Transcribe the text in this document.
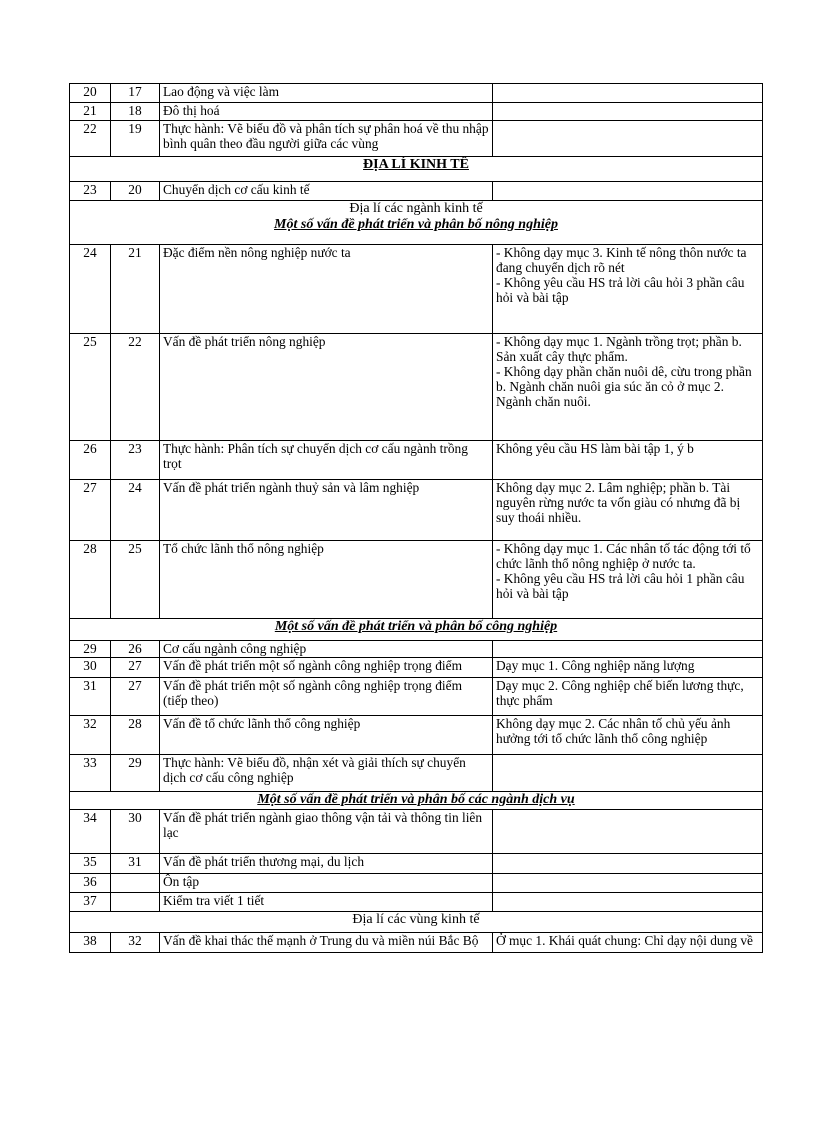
20	17	Lao động và việc làm	
21	18	Đô thị hoá	
22	19	Thực hành: Vẽ biểu đồ và phân tích sự phân hoá về thu nhập bình quân theo đầu người giữa các vùng	
ĐỊA LÍ KINH TẾ			
23	20	Chuyển dịch cơ cấu kinh tế	
Địa lí các ngành kinh tế
Một số vấn đề phát triển và phân bố nông nghiệp			

24	21	Đặc điểm nền nông nghiệp nước ta	- Không dạy mục 3. Kinh tế nông thôn nước ta đang chuyển dịch rõ nét
- Không yêu cầu HS trả lời câu hỏi 3 phần câu hỏi và bài tập

25	22	Vấn đề phát triển nông nghiệp	- Không dạy mục 1. Ngành trồng trọt; phần b. Sản xuất cây thực phẩm.
- Không dạy phần chăn nuôi dê, cừu trong phần b. Ngành chăn nuôi gia súc ăn cỏ ở mục 2. Ngành chăn nuôi.

26	23	Thực hành: Phân tích sự chuyển dịch cơ cấu ngành trồng trọt	Không yêu cầu HS làm bài tập 1, ý b

27	24	Vấn đề phát triển ngành thuỷ sản và lâm nghiệp	Không dạy mục 2. Lâm nghiệp; phần b. Tài nguyên rừng nước ta vốn giàu có nhưng đã bị suy thoái nhiều.

28	25	Tổ chức lãnh thổ nông nghiệp	- Không dạy mục 1. Các nhân tố tác động tới tổ chức lãnh thổ nông nghiệp ở nước ta.
- Không yêu cầu HS trả lời câu hỏi 1 phần câu hỏi và bài tập

Một số vấn đề phát triển và phân bố công nghiệp			

29	26	Cơ cấu ngành công nghiệp	
30	27	Vấn đề phát triển một số ngành công nghiệp trọng điểm	Dạy mục 1. Công nghiệp năng lượng

31	27	Vấn đề phát triển một số ngành công nghiệp trọng điểm (tiếp theo)	Dạy mục 2. Công nghiệp chế biến lương thực, thực phẩm

32	28	Vấn đề tổ chức lãnh thổ công nghiệp	Không dạy mục 2. Các nhân tố chủ yếu ảnh hưởng tới tổ chức lãnh thổ công nghiệp

33	29	Thực hành: Vẽ biểu đồ, nhận xét và giải thích sự chuyển dịch cơ cấu công nghiệp	

Một số vấn đề phát triển và phân bố các ngành dịch vụ			

34	30	Vấn đề phát triển ngành giao thông vận tải và thông tin liên lạc	
35	31	Vấn đề phát triển thương mại, du lịch	
36		Ôn tập	
37		Kiểm tra viết 1 tiết	
Địa lí các vùng kinh tế			
38	32	Vấn đề khai thác thế mạnh ở Trung du và miền núi Bắc Bộ	Ở mục 1. Khái quát chung: Chỉ dạy nội dung về
